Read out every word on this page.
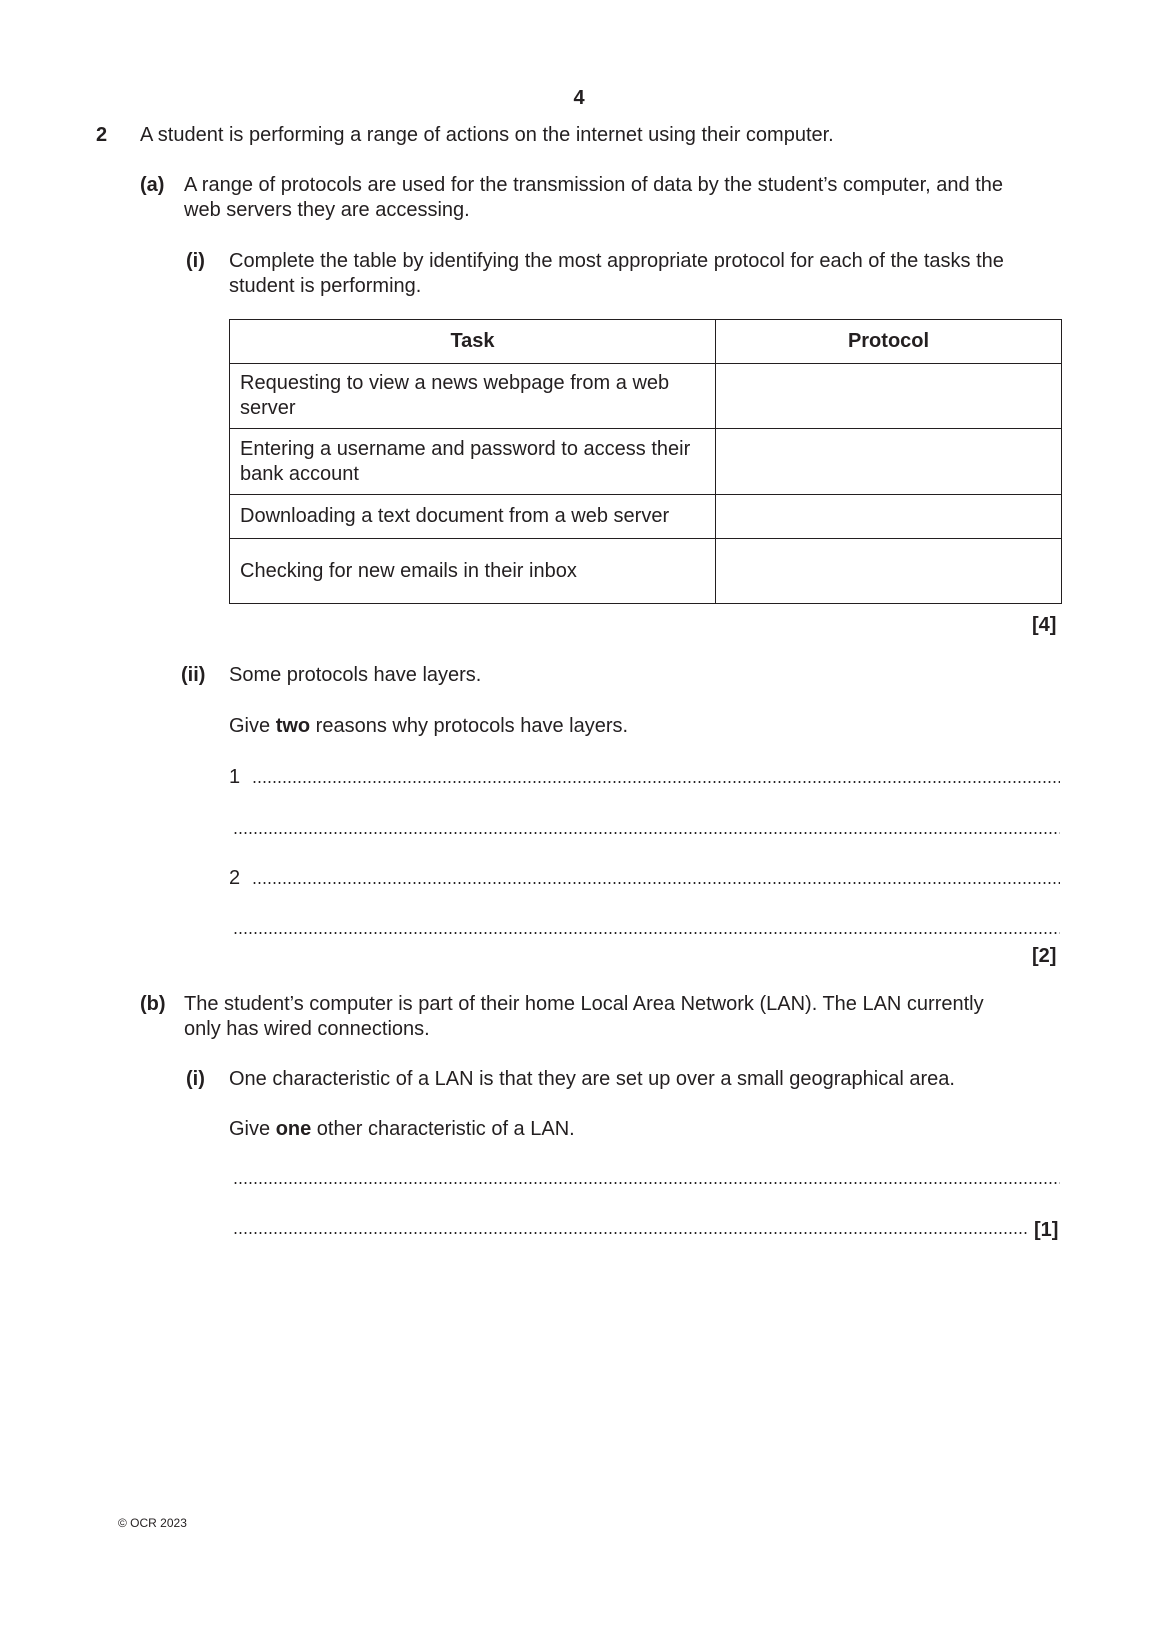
4
2 A student is performing a range of actions on the internet using their computer.
(a) A range of protocols are used for the transmission of data by the student’s computer, and the
web servers they are accessing.
(i) Complete the table by identifying the most appropriate protocol for each of the tasks the
student is performing.
Task	Protocol
Requesting to view a news webpage from a web server	
Entering a username and password to access their bank account	
Downloading a text document from a web server	
Checking for new emails in their inbox	
[4]
(ii) Some protocols have layers.
Give two reasons why protocols have layers.
1
2
[2]
(b) The student’s computer is part of their home Local Area Network (LAN). The LAN currently
only has wired connections.
(i) One characteristic of a LAN is that they are set up over a small geographical area.
Give one other characteristic of a LAN.
[1]
© OCR 2023
